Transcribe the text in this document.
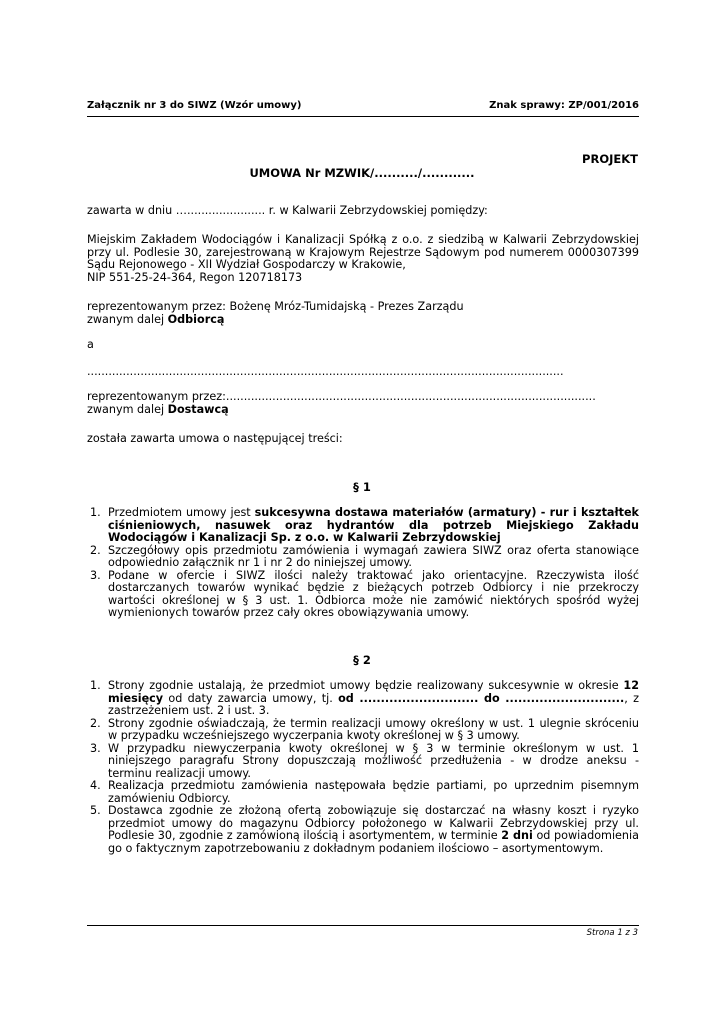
Załącznik nr 3 do SIWZ (Wzór umowy)	Znak sprawy: ZP/001/2016
PROJEKT
UMOWA Nr MZWIK/........../............
zawarta w dniu …...................... r. w Kalwarii Zebrzydowskiej pomiędzy:
Miejskim Zakładem Wodociągów i Kanalizacji Spółką z o.o. z siedzibą w Kalwarii Zebrzydowskiej
przy ul. Podlesie 30, zarejestrowaną w Krajowym Rejestrze Sądowym pod numerem 0000307399
Sądu Rejonowego - XII Wydział Gospodarczy w Krakowie,
NIP 551-25-24-364, Regon 120718173
reprezentowanym przez: Bożenę Mróz-Tumidajską - Prezes Zarządu
zwanym dalej Odbiorcą
a
......................................................................................................................................
reprezentowanym przez:........................................................................................................
zwanym dalej Dostawcą
została zawarta umowa o następującej treści:
§ 1
1. Przedmiotem umowy jest sukcesywna dostawa materiałów (armatury) - rur i kształtek ciśnieniowych, nasuwek oraz hydrantów dla potrzeb Miejskiego Zakładu Wodociągów i Kanalizacji Sp. z o.o. w Kalwarii Zebrzydowskiej
2. Szczegółowy opis przedmiotu zamówienia i wymagań zawiera SIWZ oraz oferta stanowiące odpowiednio załącznik nr 1 i nr 2 do niniejszej umowy.
3. Podane w ofercie i SIWZ ilości należy traktować jako orientacyjne. Rzeczywista ilość dostarczanych towarów wynikać będzie z bieżących potrzeb Odbiorcy i nie przekroczy wartości określonej w § 3 ust. 1. Odbiorca może nie zamówić niektórych spośród wyżej wymienionych towarów przez cały okres obowiązywania umowy.
§ 2
1. Strony zgodnie ustalają, że przedmiot umowy będzie realizowany sukcesywnie w okresie 12 miesięcy od daty zawarcia umowy, tj. od ............................ do ............................, z zastrzeżeniem ust. 2 i ust. 3.
2. Strony zgodnie oświadczają, że termin realizacji umowy określony w ust. 1 ulegnie skróceniu w przypadku wcześniejszego wyczerpania kwoty określonej w § 3 umowy.
3. W przypadku niewyczerpania kwoty określonej w § 3 w terminie określonym w ust. 1 niniejszego paragrafu Strony dopuszczają możliwość przedłużenia - w drodze aneksu - terminu realizacji umowy.
4. Realizacja przedmiotu zamówienia następowała będzie partiami, po uprzednim pisemnym zamówieniu Odbiorcy.
5. Dostawca zgodnie ze złożoną ofertą zobowiązuje się dostarczać na własny koszt i ryzyko przedmiot umowy do magazynu Odbiorcy położonego w Kalwarii Zebrzydowskiej przy ul. Podlesie 30, zgodnie z zamówioną ilością i asortymentem, w terminie 2 dni od powiadomienia go o faktycznym zapotrzebowaniu z dokładnym podaniem ilościowo – asortymentowym.
Strona 1 z 3
